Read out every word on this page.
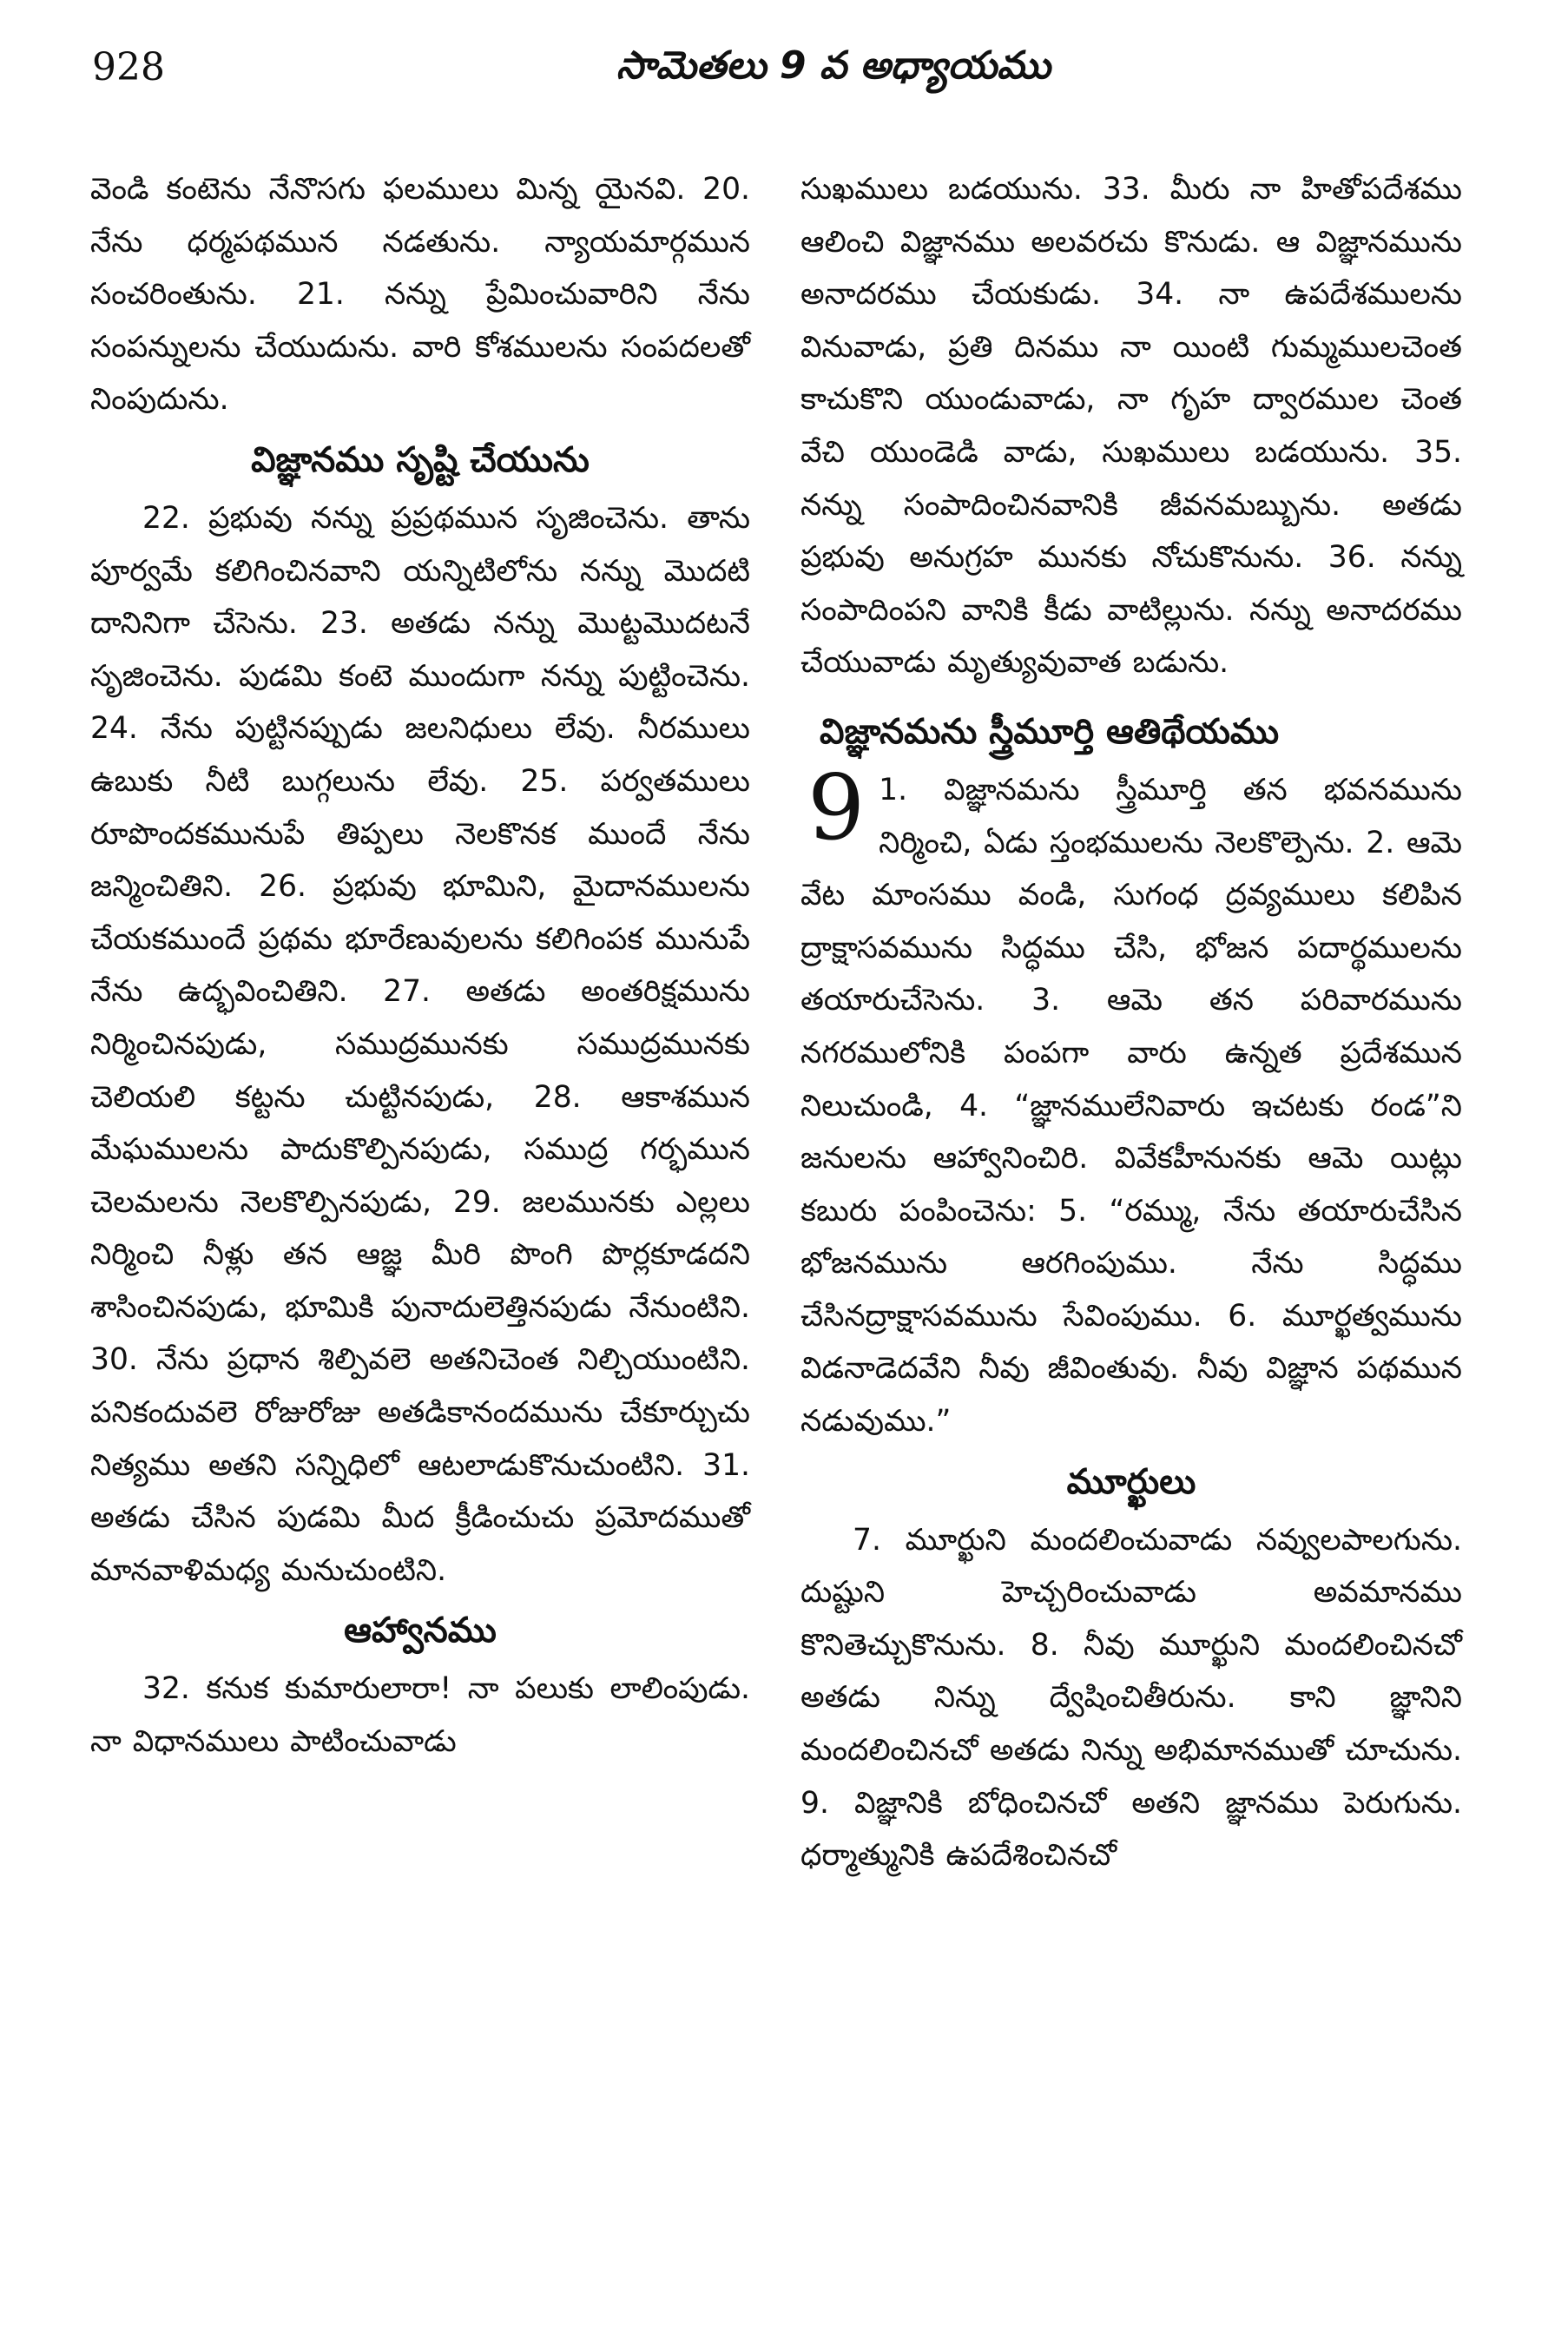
928	సామెతలు 9 వ అధ్యాయము

వెండి కంటెను నేనొసగు ఫలములు మిన్న యైనవి. 20. నేను ధర్మపథమున నడతును. న్యాయమార్గమున సంచరింతును. 21. నన్ను ప్రేమించువారిని నేను సంపన్నులను చేయుదును. వారి కోశములను సంపదలతో నింపుదును.

విజ్ఞానము సృష్టి చేయును

22. ప్రభువు నన్ను ప్రప్రథమున సృజించెను. తాను పూర్వమే కలిగించినవాని యన్నిటిలోను నన్ను మొదటి దానినిగా చేసెను. 23. అతడు నన్ను మొట్టమొదటనే సృజించెను. పుడమి కంటె ముందుగా నన్ను పుట్టించెను. 24. నేను పుట్టినప్పుడు జలనిధులు లేవు. నీరములు ఉబుకు నీటి బుగ్గలును లేవు. 25. పర్వతములు రూపొందకమునుపే తిప్పలు నెలకొనక ముందే నేను జన్మించితిని. 26. ప్రభువు భూమిని, మైదానములను చేయకముందే ప్రథమ భూరేణువులను కలిగింపక మునుపే నేను ఉద్భవించితిని. 27. అతడు అంతరిక్షమును నిర్మించినపుడు, సముద్రమునకు సముద్రమునకు చెలియలి కట్టను చుట్టినపుడు, 28. ఆకాశమున మేఘములను పాదుకొల్పినపుడు, సముద్ర గర్భమున చెలమలను నెలకొల్పినపుడు, 29. జలమునకు ఎల్లలు నిర్మించి నీళ్లు తన ఆజ్ఞ మీరి పొంగి పొర్లకూడదని శాసించినపుడు, భూమికి పునాదులెత్తినపుడు నేనుంటిని. 30. నేను ప్రధాన శిల్పివలె అతనిచెంత నిల్చియుంటిని. పనికందువలె రోజురోజు అతడికానందమును చేకూర్చుచు నిత్యము అతని సన్నిధిలో ఆటలాడుకొనుచుంటిని. 31. అతడు చేసిన పుడమి మీద క్రీడించుచు ప్రమోదముతో మానవాళిమధ్య మనుచుంటిని.

ఆహ్వానము

32. కనుక కుమారులారా! నా పలుకు లాలింపుడు. నా విధానములు పాటించువాడు

సుఖములు బడయును. 33. మీరు నా హితోపదేశము ఆలించి విజ్ఞానము అలవరచు కొనుడు. ఆ విజ్ఞానమును అనాదరము చేయకుడు. 34. నా ఉపదేశములను వినువాడు, ప్రతి దినము నా యింటి గుమ్మములచెంత కాచుకొని యుండువాడు, నా గృహ ద్వారముల చెంత వేచి యుండెడి వాడు, సుఖములు బడయును. 35. నన్ను సంపాదించినవానికి జీవనమబ్బును. అతడు ప్రభువు అనుగ్రహ మునకు నోచుకొనును. 36. నన్ను సంపాదింపని వానికి కీడు వాటిల్లును. నన్ను అనాదరము చేయువాడు మృత్యువువాత బడును.

విజ్ఞానమను స్త్రీమూర్తి ఆతిథేయము

9 1. విజ్ఞానమను స్త్రీమూర్తి తన భవనమును నిర్మించి, ఏడు స్తంభములను నెలకొల్పెను. 2. ఆమె వేట మాంసము వండి, సుగంధ ద్రవ్యములు కలిపిన ద్రాక్షాసవమును సిద్ధము చేసి, భోజన పదార్థములను తయారుచేసెను. 3. ఆమె తన పరివారమును నగరములోనికి పంపగా వారు ఉన్నత ప్రదేశమున నిలుచుండి, 4. “జ్ఞానములేనివారు ఇచటకు రండ”ని జనులను ఆహ్వానించిరి. వివేకహీనునకు ఆమె యిట్లు కబురు పంపించెను: 5. “రమ్ము, నేను తయారుచేసిన భోజనమును ఆరగింపుము. నేను సిద్ధము చేసినద్రాక్షాసవమును సేవింపుము. 6. మూర్ఖత్వమును విడనాడెదవేని నీవు జీవింతువు. నీవు విజ్ఞాన పథమున నడువుము.”

మూర్ఖులు

7. మూర్ఖుని మందలించువాడు నవ్వులపాలగును. దుష్టుని హెచ్చరించువాడు అవమానము కొనితెచ్చుకొనును. 8. నీవు మూర్ఖుని మందలించినచో అతడు నిన్ను ద్వేషించితీరును. కాని జ్ఞానిని మందలించినచో అతడు నిన్ను అభిమానముతో చూచును. 9. విజ్ఞానికి బోధించినచో అతని జ్ఞానము పెరుగును. ధర్మాత్మునికి ఉపదేశించినచో
